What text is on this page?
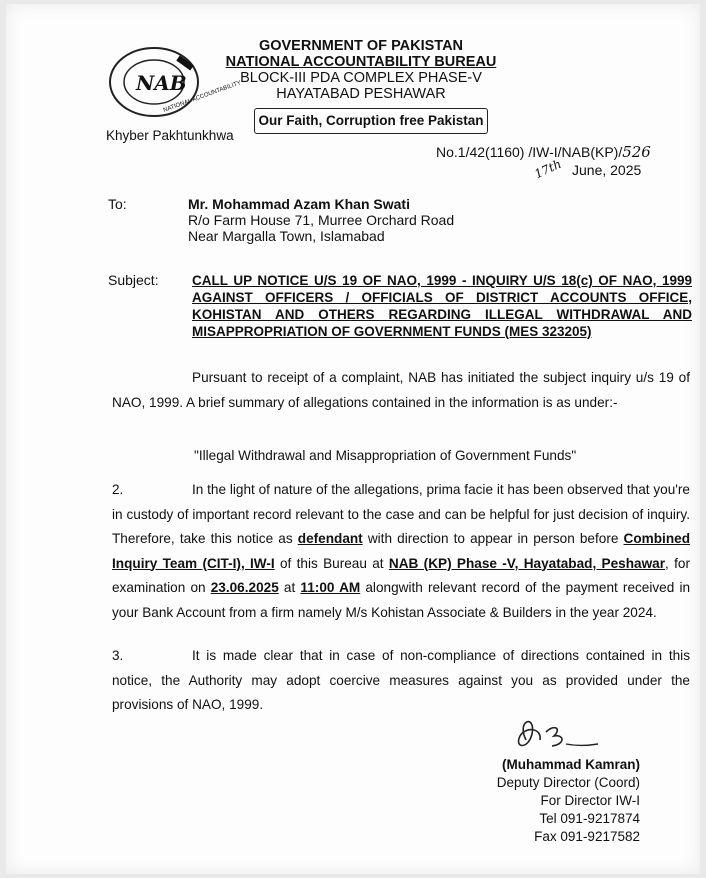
NAB
NATIONAL ACCOUNTABILITY
Khyber Pakhtunkhwa
GOVERNMENT OF PAKISTAN
NATIONAL ACCOUNTABILITY BUREAU
BLOCK-III PDA COMPLEX PHASE-V
HAYATABAD PESHAWAR
Our Faith, Corruption free Pakistan
No.1/42(1160) /IW-I/NAB(KP)/526
17th June, 2025
To:	Mr. Mohammad Azam Khan Swati
R/o Farm House 71, Murree Orchard Road
Near Margalla Town, Islamabad
Subject: CALL UP NOTICE U/S 19 OF NAO, 1999 - INQUIRY U/S 18(c) OF NAO, 1999 AGAINST OFFICERS / OFFICIALS OF DISTRICT ACCOUNTS OFFICE, KOHISTAN AND OTHERS REGARDING ILLEGAL WITHDRAWAL AND MISAPPROPRIATION OF GOVERNMENT FUNDS (MES 323205)
Pursuant to receipt of a complaint, NAB has initiated the subject inquiry u/s 19 of NAO, 1999. A brief summary of allegations contained in the information is as under:-
"Illegal Withdrawal and Misappropriation of Government Funds"
2.	In the light of nature of the allegations, prima facie it has been observed that you're in custody of important record relevant to the case and can be helpful for just decision of inquiry. Therefore, take this notice as defendant with direction to appear in person before Combined Inquiry Team (CIT-I), IW-I of this Bureau at NAB (KP) Phase -V, Hayatabad, Peshawar, for examination on 23.06.2025 at 11:00 AM alongwith relevant record of the payment received in your Bank Account from a firm namely M/s Kohistan Associate & Builders in the year 2024.
3.	It is made clear that in case of non-compliance of directions contained in this notice, the Authority may adopt coercive measures against you as provided under the provisions of NAO, 1999.
(Muhammad Kamran)
Deputy Director (Coord)
For Director IW-I
Tel 091-9217874
Fax 091-9217582
